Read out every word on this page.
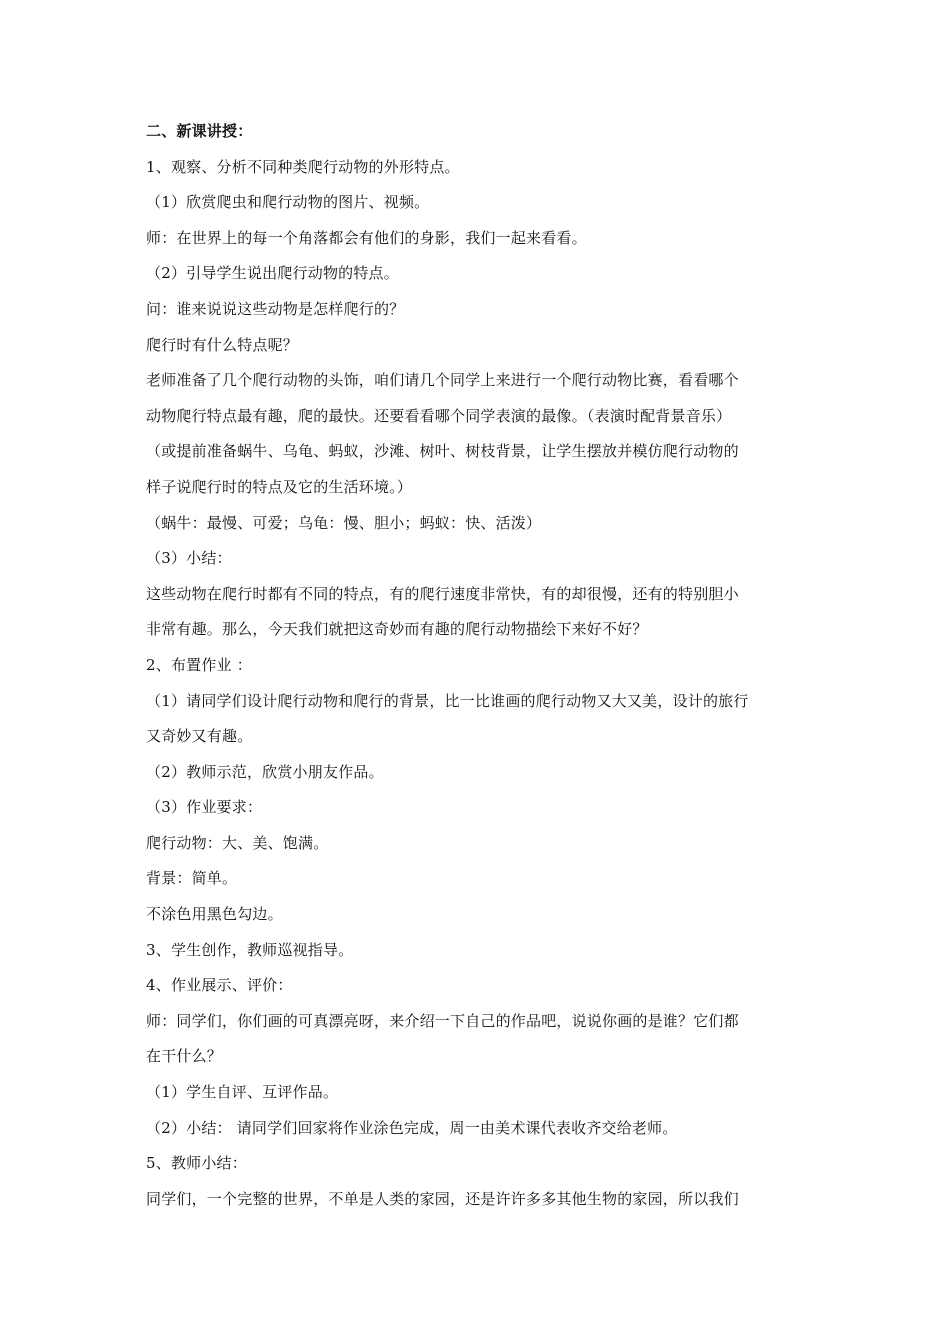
二、新课讲授：
1、观察、分析不同种类爬行动物的外形特点。
（1）欣赏爬虫和爬行动物的图片、视频。
师：在世界上的每一个角落都会有他们的身影，我们一起来看看。
（2）引导学生说出爬行动物的特点。
问：谁来说说这些动物是怎样爬行的？
爬行时有什么特点呢？
老师准备了几个爬行动物的头饰，咱们请几个同学上来进行一个爬行动物比赛，看看哪个
动物爬行特点最有趣，爬的最快。还要看看哪个同学表演的最像。（表演时配背景音乐）
（或提前准备蜗牛、乌龟、蚂蚁，沙滩、树叶、树枝背景，让学生摆放并模仿爬行动物的
样子说爬行时的特点及它的生活环境。）
（蜗牛：最慢、可爱；乌龟：慢、胆小；蚂蚁：快、活泼）
（3）小结：
这些动物在爬行时都有不同的特点，有的爬行速度非常快，有的却很慢，还有的特别胆小
非常有趣。那么，今天我们就把这奇妙而有趣的爬行动物描绘下来好不好？
2、布置作业 ：
（1）请同学们设计爬行动物和爬行的背景，比一比谁画的爬行动物又大又美，设计的旅行
又奇妙又有趣。
（2）教师示范，欣赏小朋友作品。
（3）作业要求：
爬行动物：大、美、饱满。
背景：简单。
不涂色用黑色勾边。
3、学生创作，教师巡视指导。
4、作业展示、评价：
师：同学们，你们画的可真漂亮呀，来介绍一下自己的作品吧，说说你画的是谁？它们都
在干什么？
（1）学生自评、互评作品。
（2）小结： 请同学们回家将作业涂色完成，周一由美术课代表收齐交给老师。
5、教师小结：
同学们，一个完整的世界，不单是人类的家园，还是许许多多其他生物的家园，所以我们
